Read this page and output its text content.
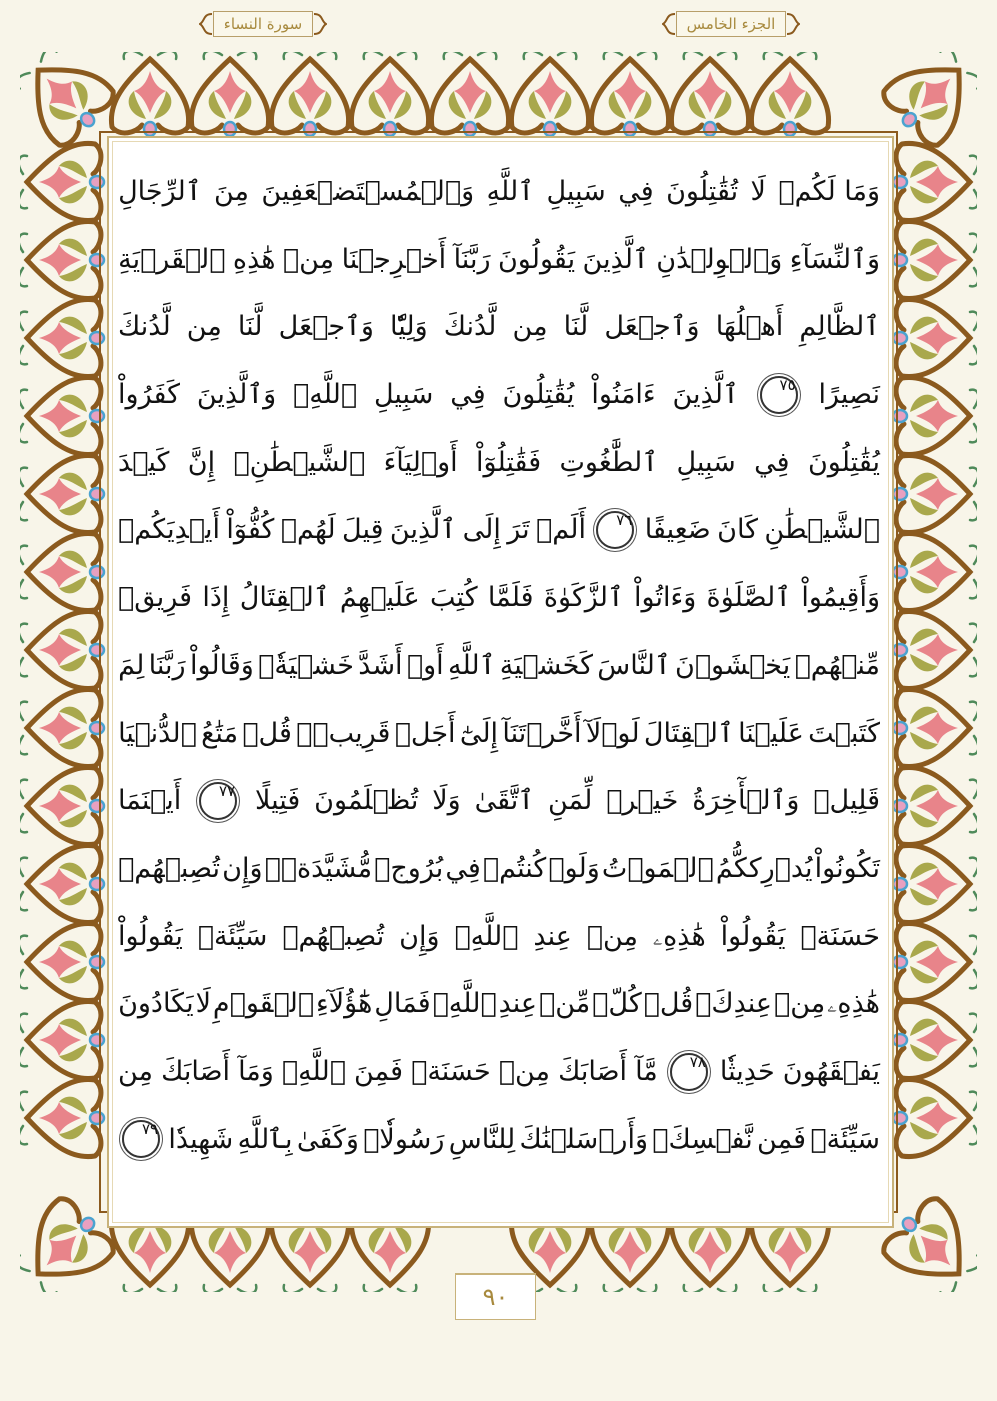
سورة النساء	الجزء الخامس
وَمَا لَكُمۡ
لَا
تُقَٰتِلُونَ
فِي
سَبِيلِ
ٱللَّهِ
وَٱلۡمُسۡتَضۡعَفِينَ
مِنَ
ٱلرِّجَالِ
وَٱلنِّسَآءِ
وَٱلۡوِلۡدَٰنِ
ٱلَّذِينَ
يَقُولُونَ
رَبَّنَآ
أَخۡرِجۡنَا
مِنۡ
هَٰذِهِ
ٱلۡقَرۡيَةِ
ٱلظَّالِمِ
أَهۡلُهَا
وَٱجۡعَل
لَّنَا
مِن
لَّدُنكَ
وَلِيّٗا
وَٱجۡعَل
لَّنَا
مِن
لَّدُنكَ
نَصِيرًا
٧٥
ٱلَّذِينَ
ءَامَنُواْ
يُقَٰتِلُونَ
فِي
سَبِيلِ
ٱللَّهِۖ
وَٱلَّذِينَ
كَفَرُواْ
يُقَٰتِلُونَ
فِي
سَبِيلِ
ٱلطَّٰغُوتِ
فَقَٰتِلُوٓاْ
أَوۡلِيَآءَ
ٱلشَّيۡطَٰنِۖ
إِنَّ
كَيۡدَ
ٱلشَّيۡطَٰنِ
كَانَ
ضَعِيفًا
٧٦
أَلَمۡ
تَرَ
إِلَى
ٱلَّذِينَ
قِيلَ
لَهُمۡ
كُفُّوٓاْ
أَيۡدِيَكُمۡ
وَأَقِيمُواْ
ٱلصَّلَوٰةَ
وَءَاتُواْ
ٱلزَّكَوٰةَ
فَلَمَّا
كُتِبَ
عَلَيۡهِمُ
ٱلۡقِتَالُ
إِذَا
فَرِيقٞ
مِّنۡهُمۡ
يَخۡشَوۡنَ
ٱلنَّاسَ
كَخَشۡيَةِ
ٱللَّهِ
أَوۡ
أَشَدَّ
خَشۡيَةٗۚ
وَقَالُواْ
رَبَّنَا
لِمَ
كَتَبۡتَ
عَلَيۡنَا
ٱلۡقِتَالَ
لَوۡلَآ
أَخَّرۡتَنَآ
إِلَىٰٓ
أَجَلٖ
قَرِيبٖۗ
قُلۡ
مَتَٰعُ
ٱلدُّنۡيَا
قَلِيلٞ
وَٱلۡأٓخِرَةُ
خَيۡرٞ
لِّمَنِ
ٱتَّقَىٰ
وَلَا
تُظۡلَمُونَ
فَتِيلًا
٧٧
أَيۡنَمَا
تَكُونُواْ
يُدۡرِككُّمُ
ٱلۡمَوۡتُ
وَلَوۡ
كُنتُمۡ
فِي
بُرُوجٖ
مُّشَيَّدَةٖۗ
وَإِن
تُصِبۡهُمۡ
حَسَنَةٞ
يَقُولُواْ
هَٰذِهِۦ
مِنۡ
عِندِ
ٱللَّهِۖ
وَإِن
تُصِبۡهُمۡ
سَيِّئَةٞ
يَقُولُواْ
هَٰذِهِۦ
مِنۡ
عِندِكَۚ
قُلۡ
كُلّٞ
مِّنۡ
عِندِ
ٱللَّهِۖ
فَمَالِ
هَٰٓؤُلَآءِ
ٱلۡقَوۡمِ
لَا
يَكَادُونَ
يَفۡقَهُونَ
حَدِيثٗا
٧٨
مَّآ
أَصَابَكَ
مِنۡ
حَسَنَةٖ
فَمِنَ
ٱللَّهِۖ
وَمَآ
أَصَابَكَ
مِن
سَيِّئَةٖ
فَمِن
نَّفۡسِكَۚ
وَأَرۡسَلۡنَٰكَ
لِلنَّاسِ
رَسُولٗاۚ
وَكَفَىٰ
بِٱللَّهِ
شَهِيدٗا
٧٩
٩٠
